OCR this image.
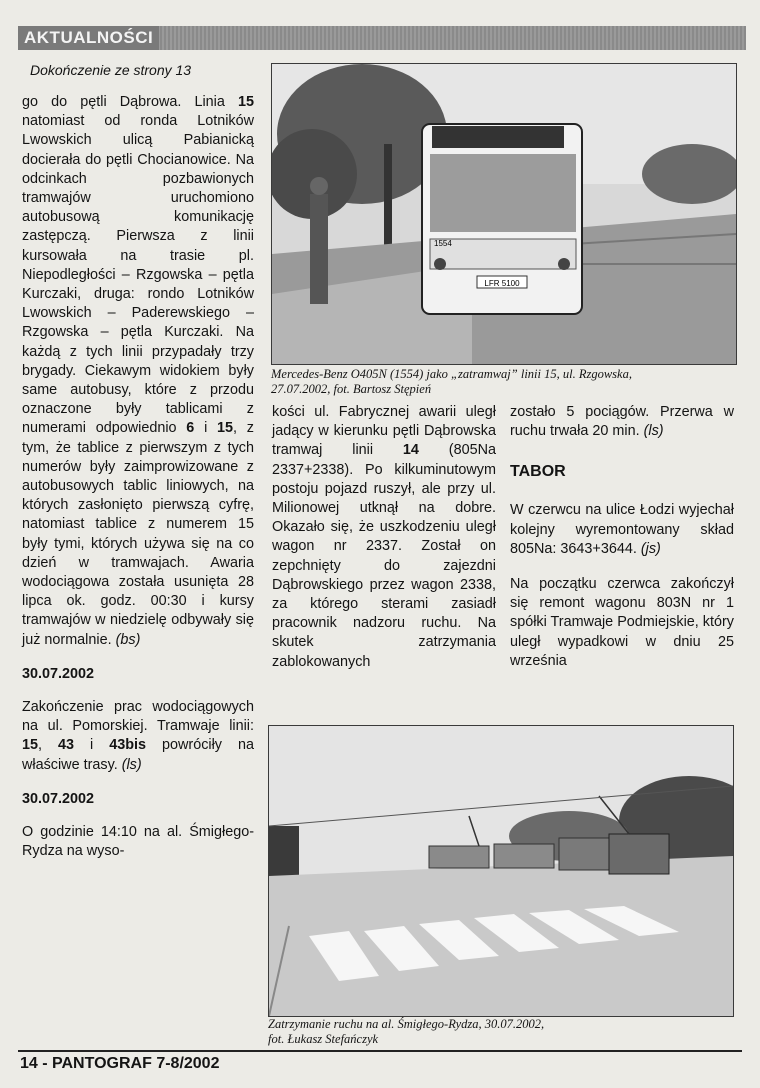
AKTUALNOŚCI
Dokończenie ze strony 13

go do pętli Dąbrowa. Linia 15 natomiast od ronda Lotników Lwowskich ulicą Pabianicką docierała do pętli Chocianowice. Na odcinkach pozbawionych tramwajów uruchomiono autobusową komunikację zastępczą. Pierwsza z linii kursowała na trasie pl. Niepodległości – Rzgowska – pętla Kurczaki, druga: rondo Lotników Lwowskich – Paderewskiego – Rzgowska – pętla Kurczaki. Na każdą z tych linii przypadały trzy brygady. Ciekawym widokiem były same autobusy, które z przodu oznaczone były tablicami z numerami odpowiednio 6 i 15, z tym, że tablice z pierwszym z tych numerów były zaimprowizowane z autobusowych tablic liniowych, na których zasłonięto pierwszą cyfrę, natomiast tablice z numerem 15 były tymi, których używa się na co dzień w tramwajach. Awaria wodociągowa została usunięta 28 lipca ok. godz. 00:30 i kursy tramwajów w niedzielę odbywały się już normalnie. (bs)

30.07.2002

Zakończenie prac wodociągowych na ul. Pomorskiej. Tramwaje linii: 15, 43 i 43bis powróciły na właściwe trasy. (ls)

30.07.2002

O godzinie 14:10 na al. Śmigłego-Rydza na wyso-

LFR 5100
1554
Mercedes-Benz O405N (1554) jako „zatramwaj” linii 15, ul. Rzgowska,
27.07.2002, fot. Bartosz Stępień

kości ul. Fabrycznej awarii uległ jadący w kierunku pętli Dąbrowska tramwaj linii 14 (805Na 2337+2338). Po kilkuminutowym postoju pojazd ruszył, ale przy ul. Milionowej utknął na dobre. Okazało się, że uszkodzeniu uległ wagon nr 2337. Został on zepchnięty do zajezdni Dąbrowskiego przez wagon 2338, za którego sterami zasiadł pracownik nadzoru ruchu. Na skutek zatrzymania zablokowanych

zostało 5 pociągów. Przerwa w ruchu trwała 20 min. (ls)

TABOR

W czerwcu na ulice Łodzi wyjechał kolejny wyremontowany skład 805Na: 3643+3644. (js)

Na początku czerwca zakończył się remont wagonu 803N nr 1 spółki Tramwaje Podmiejskie, który uległ wypadkowi w dniu 25 września

Zatrzymanie ruchu na al. Śmigłego-Rydza, 30.07.2002,
fot. Łukasz Stefańczyk
14 - PANTOGRAF 7-8/2002
